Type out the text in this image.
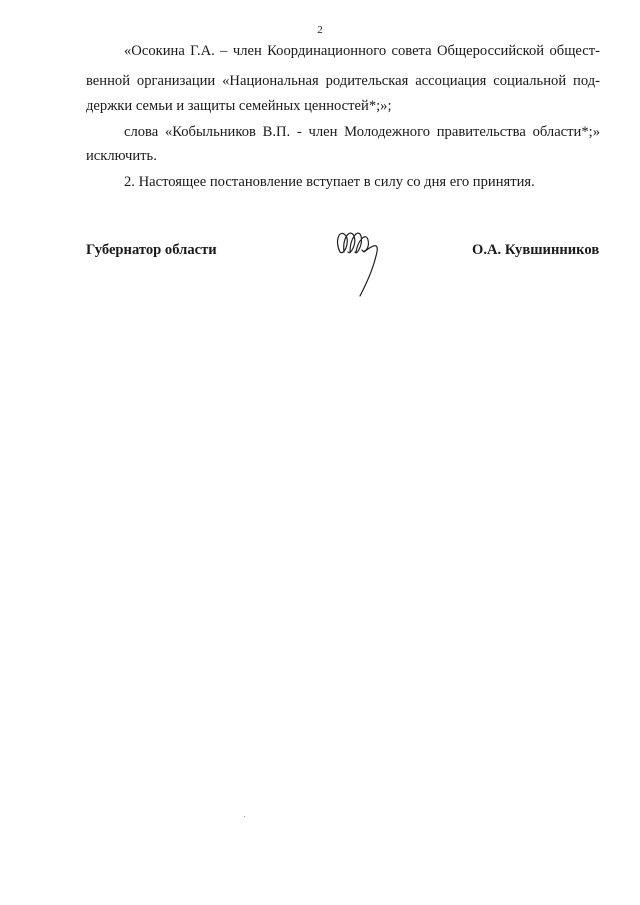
2
«Осокина Г.А. – член Координационного совета Общероссийской общест-
венной организации «Национальная родительская ассоциация социальной под-
держки семьи и защиты семейных ценностей*;»;
слова «Кобыльников В.П. - член Молодежного правительства области*;»
исключить.
2. Настоящее постановление вступает в силу со дня его принятия.
Губернатор области	О.А. Кувшинников
